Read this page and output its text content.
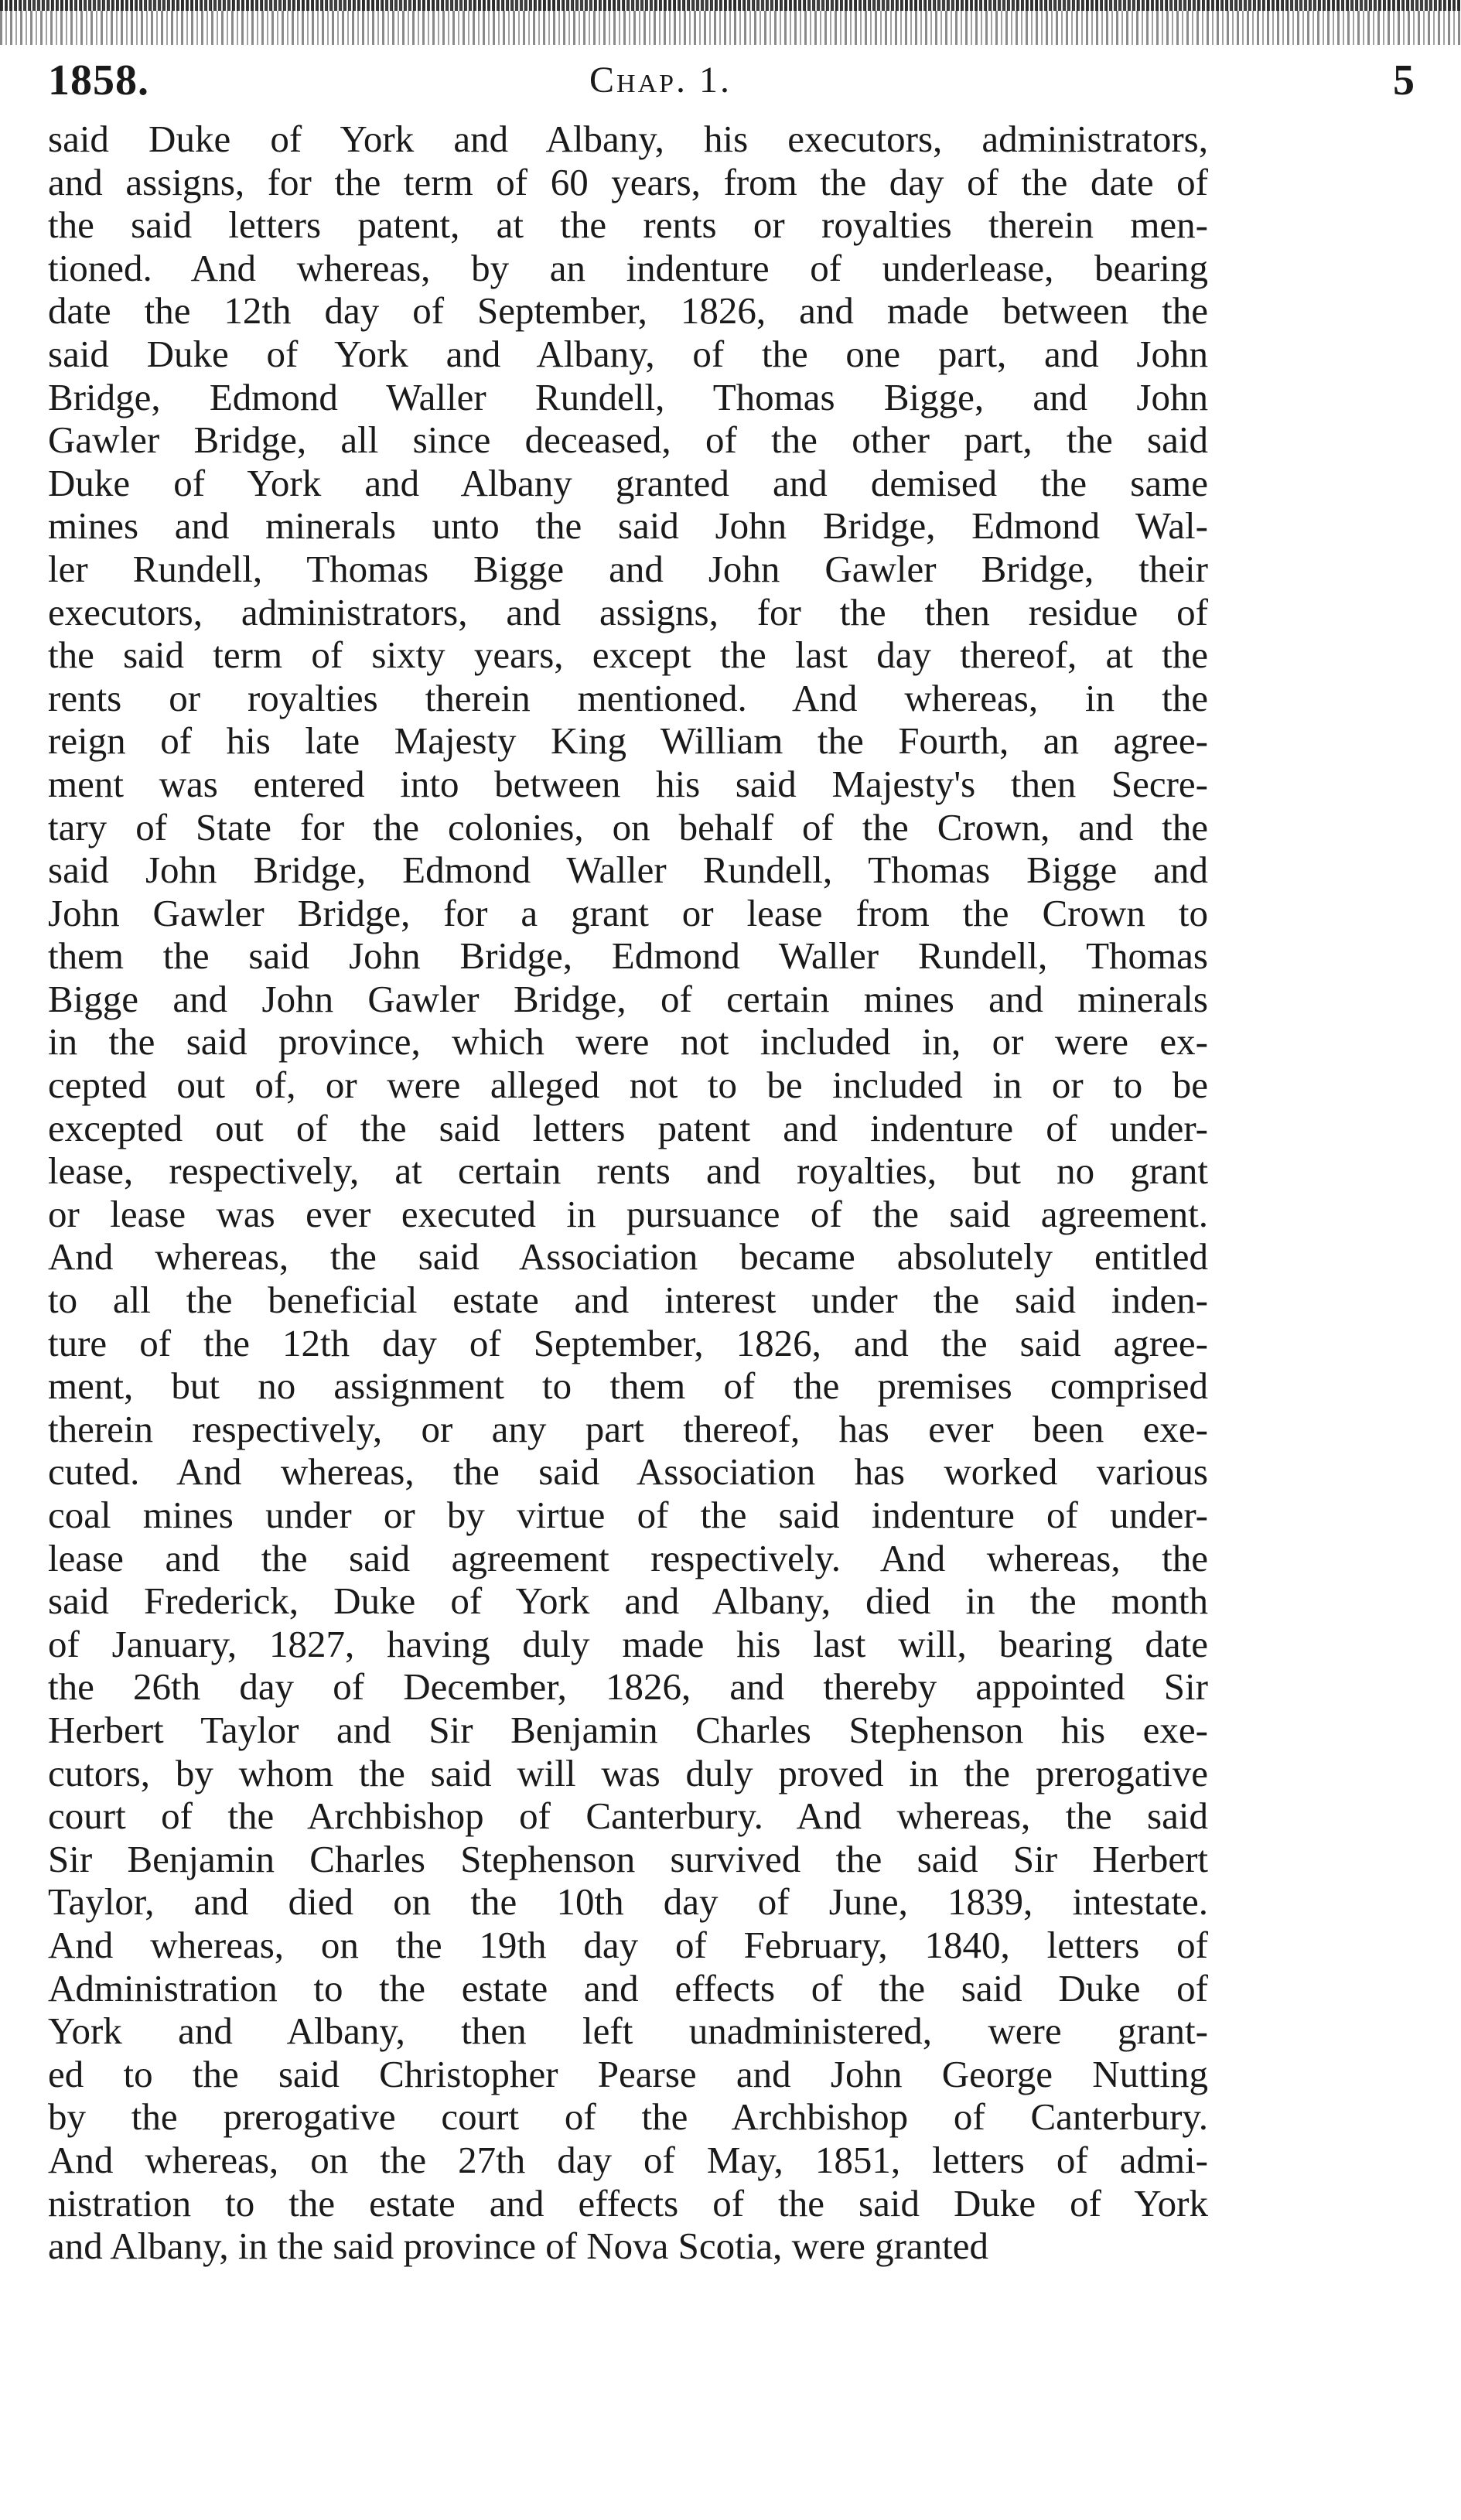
1858.	Chap. 1.	5
said Duke of York and Albany, his executors, administrators,
and assigns, for the term of 60 years, from the day of the date of
the said letters patent, at the rents or royalties therein men-
tioned. And whereas, by an indenture of underlease, bearing
date the 12th day of September, 1826, and made between the
said Duke of York and Albany, of the one part, and John
Bridge, Edmond Waller Rundell, Thomas Bigge, and John
Gawler Bridge, all since deceased, of the other part, the said
Duke of York and Albany granted and demised the same
mines and minerals unto the said John Bridge, Edmond Wal-
ler Rundell, Thomas Bigge and John Gawler Bridge, their
executors, administrators, and assigns, for the then residue of
the said term of sixty years, except the last day thereof, at the
rents or royalties therein mentioned. And whereas, in the
reign of his late Majesty King William the Fourth, an agree-
ment was entered into between his said Majesty's then Secre-
tary of State for the colonies, on behalf of the Crown, and the
said John Bridge, Edmond Waller Rundell, Thomas Bigge and
John Gawler Bridge, for a grant or lease from the Crown to
them the said John Bridge, Edmond Waller Rundell, Thomas
Bigge and John Gawler Bridge, of certain mines and minerals
in the said province, which were not included in, or were ex-
cepted out of, or were alleged not to be included in or to be
excepted out of the said letters patent and indenture of under-
lease, respectively, at certain rents and royalties, but no grant
or lease was ever executed in pursuance of the said agreement.
And whereas, the said Association became absolutely entitled
to all the beneficial estate and interest under the said inden-
ture of the 12th day of September, 1826, and the said agree-
ment, but no assignment to them of the premises comprised
therein respectively, or any part thereof, has ever been exe-
cuted. And whereas, the said Association has worked various
coal mines under or by virtue of the said indenture of under-
lease and the said agreement respectively. And whereas, the
said Frederick, Duke of York and Albany, died in the month
of January, 1827, having duly made his last will, bearing date
the 26th day of December, 1826, and thereby appointed Sir
Herbert Taylor and Sir Benjamin Charles Stephenson his exe-
cutors, by whom the said will was duly proved in the prerogative
court of the Archbishop of Canterbury. And whereas, the said
Sir Benjamin Charles Stephenson survived the said Sir Herbert
Taylor, and died on the 10th day of June, 1839, intestate.
And whereas, on the 19th day of February, 1840, letters of
Administration to the estate and effects of the said Duke of
York and Albany, then left unadministered, were grant-
ed to the said Christopher Pearse and John George Nutting
by the prerogative court of the Archbishop of Canterbury.
And whereas, on the 27th day of May, 1851, letters of admi-
nistration to the estate and effects of the said Duke of York
and Albany, in the said province of Nova Scotia, were granted
